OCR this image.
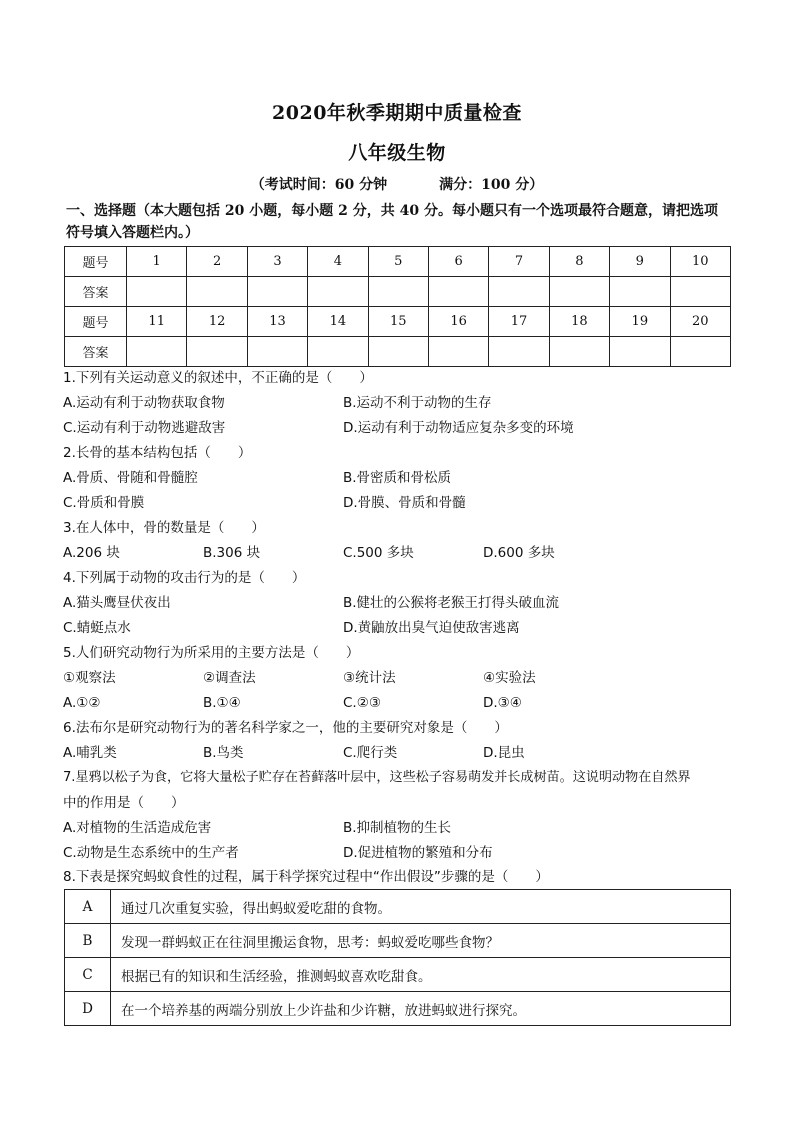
2020年秋季期期中质量检查
八年级生物
（考试时间：60 分钟	满分：100 分）
一、选择题（本大题包括 20 小题，每小题 2 分，共 40 分。每小题只有一个选项最符合题意，请把选项符号填入答题栏内。）
题号	1	2	3	4	5	6	7	8	9	10
答案										
题号	11	12	13	14	15	16	17	18	19	20
答案										
1.下列有关运动意义的叙述中，不正确的是（　　）
A.运动有利于动物获取食物	B.运动不利于动物的生存
C.运动有利于动物逃避敌害	D.运动有利于动物适应复杂多变的环境
2.长骨的基本结构包括（　　）
A.骨质、骨随和骨髓腔	B.骨密质和骨松质
C.骨质和骨膜	D.骨膜、骨质和骨髓
3.在人体中，骨的数量是（　　）
A.206 块	B.306 块	C.500 多块	D.600 多块
4.下列属于动物的攻击行为的是（　　）
A.猫头鹰昼伏夜出	B.健壮的公猴将老猴王打得头破血流
C.蜻蜓点水	D.黄鼬放出臭气迫使敌害逃离
5.人们研究动物行为所采用的主要方法是（　　）
①观察法	②调查法	③统计法	④实验法
A.①②	B.①④	C.②③	D.③④
6.法布尔是研究动物行为的著名科学家之一，他的主要研究对象是（　　）
A.哺乳类	B.鸟类	C.爬行类	D.昆虫
7.星鸦以松子为食，它将大量松子贮存在苔藓落叶层中，这些松子容易萌发并长成树苗。这说明动物在自然界
中的作用是（　　）
A.对植物的生活造成危害	B.抑制植物的生长
C.动物是生态系统中的生产者	D.促进植物的繁殖和分布
8.下表是探究蚂蚁食性的过程，属于科学探究过程中“作出假设”步骤的是（　　）
A	通过几次重复实验，得出蚂蚁爱吃甜的食物。
B	发现一群蚂蚁正在往洞里搬运食物，思考：蚂蚁爱吃哪些食物？
C	根据已有的知识和生活经验，推测蚂蚁喜欢吃甜食。
D	在一个培养基的两端分别放上少许盐和少许糖，放进蚂蚁进行探究。
